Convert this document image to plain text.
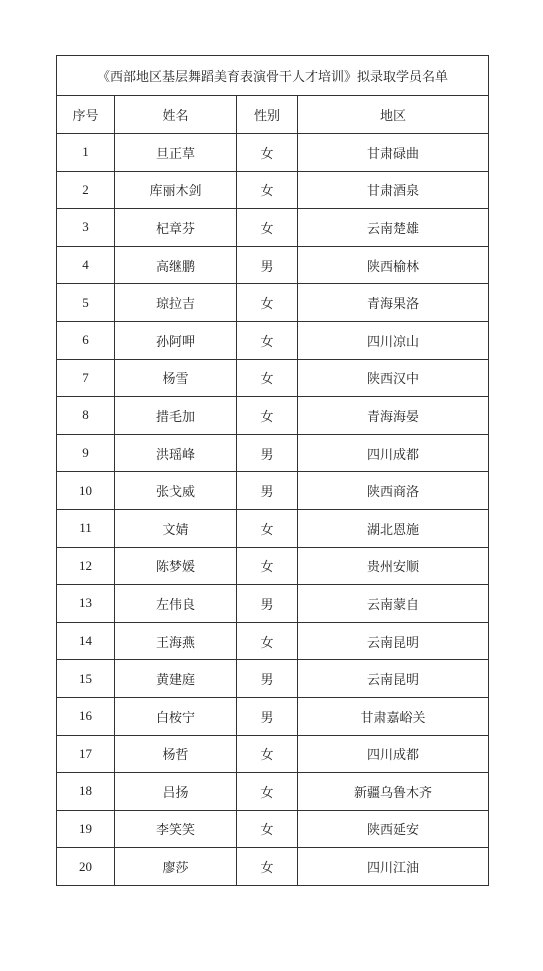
《西部地区基层舞蹈美育表演骨干人才培训》拟录取学员名单			
序号	姓名	性别	地区
1	旦正草	女	甘肃碌曲
2	库丽木剑	女	甘肃酒泉
3	杞章芬	女	云南楚雄
4	高继鹏	男	陕西榆林
5	琼拉吉	女	青海果洛
6	孙阿呷	女	四川凉山
7	杨雪	女	陕西汉中
8	措毛加	女	青海海晏
9	洪瑶峰	男	四川成都
10	张戈威	男	陕西商洛
11	文婧	女	湖北恩施
12	陈梦媛	女	贵州安顺
13	左伟良	男	云南蒙自
14	王海燕	女	云南昆明
15	黄建庭	男	云南昆明
16	白桉宁	男	甘肃嘉峪关
17	杨哲	女	四川成都
18	吕扬	女	新疆乌鲁木齐
19	李笑笑	女	陕西延安
20	廖莎	女	四川江油
